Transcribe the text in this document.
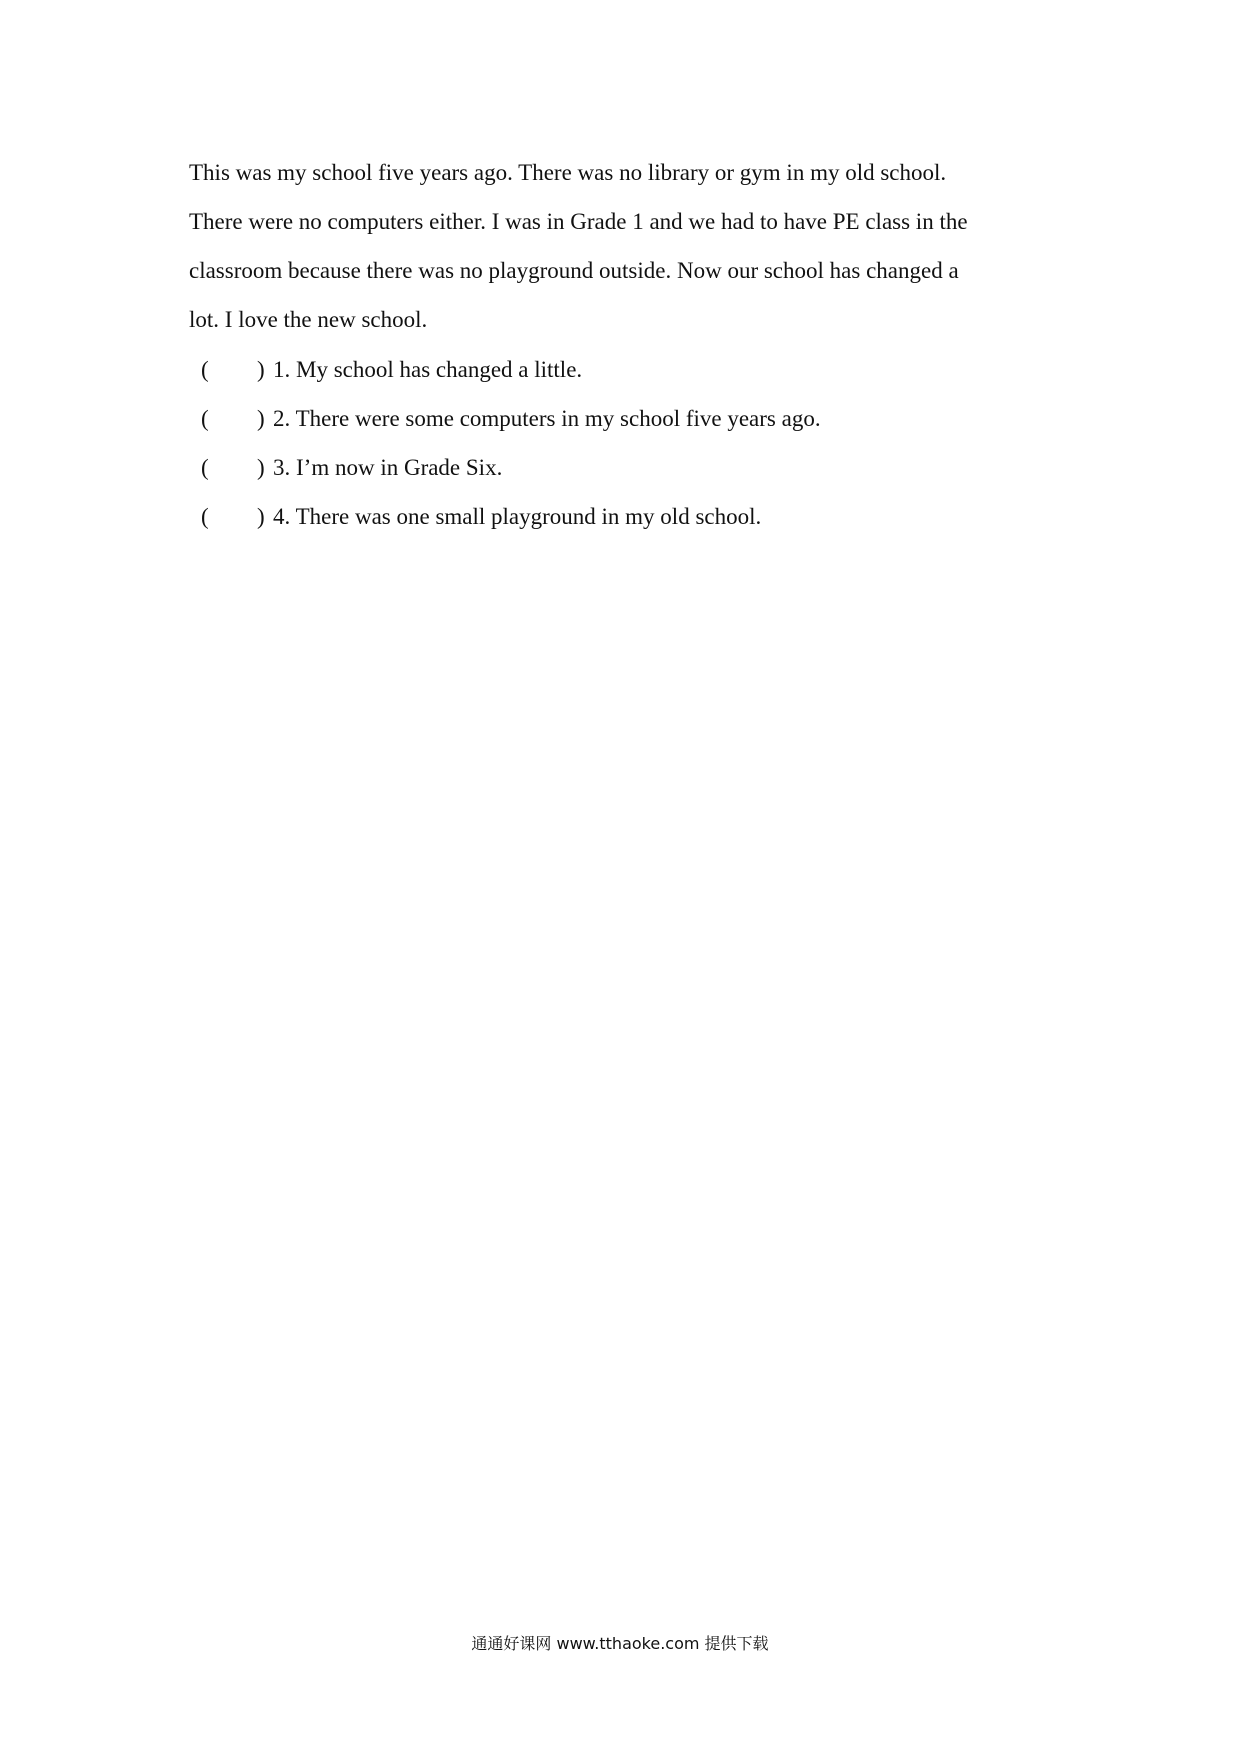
This was my school five years ago. There was no library or gym in my old school.
There were no computers either. I was in Grade 1 and we had to have PE class in the
classroom because there was no playground outside. Now our school has changed a
lot. I love the new school.
( ) 1. My school has changed a little.
( ) 2. There were some computers in my school five years ago.
( ) 3. I’m now in Grade Six.
( ) 4. There was one small playground in my old school.
通通好课网 www.tthaoke.com 提供下载
